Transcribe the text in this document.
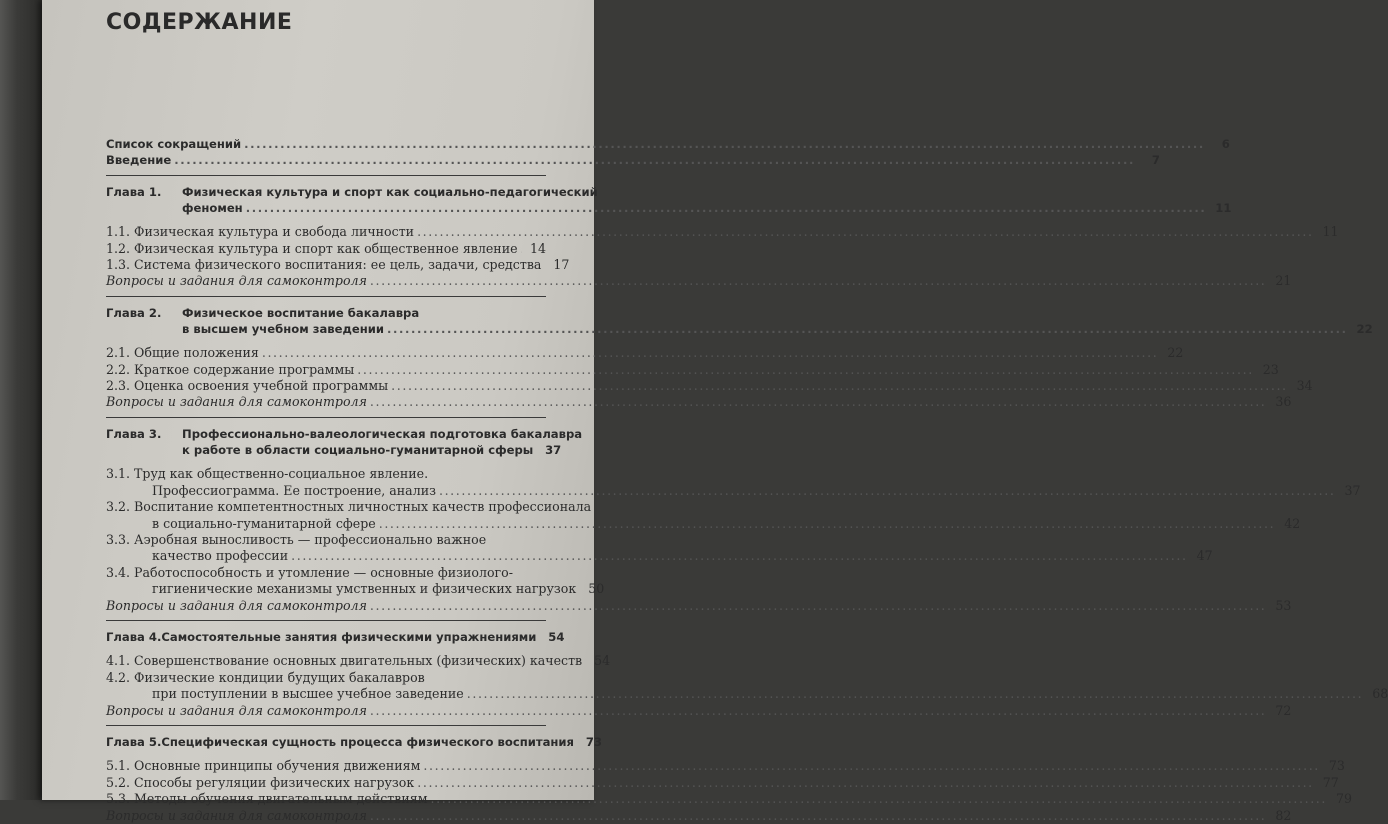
СОДЕРЖАНИЕ
Список сокращений .....	6
Введение .....	7
Глава 1. Физическая культура и спорт как социально-педагогический
феномен .....	11
1.1. Физическая культура и свобода личности .....	11
1.2. Физическая культура и спорт как общественное явление ..... 14
1.3. Система физического воспитания: ее цель, задачи, средства 17
Вопросы и задания для самоконтроля .....	21
Глава 2. Физическое воспитание бакалавра
в высшем учебном заведении .....	22
2.1. Общие положения .....	22
2.2. Краткое содержание программы .....	23
2.3. Оценка освоения учебной программы .....	34
Вопросы и задания для самоконтроля .....	36
Глава 3. Профессионально-валеологическая подготовка бакалавра
к работе в области социально-гуманитарной сферы	37
3.1. Труд как общественно-социальное явление.
Профессиограмма. Ее построение, анализ .....	37
3.2. Воспитание компетентностных личностных качеств профессионала
в социально-гуманитарной сфере .....	42
3.3. Аэробная выносливость — профессионально важное
качество профессии .....	47
3.4. Работоспособность и утомление — основные физиолого-
гигиенические механизмы умственных и физических нагрузок 50
Вопросы и задания для самоконтроля .....	53
Глава 4. Самостоятельные занятия физическими упражнениями	54
4.1. Совершенствование основных двигательных (физических) качеств 54
4.2. Физические кондиции будущих бакалавров
при поступлении в высшее учебное заведение .....	68
Вопросы и задания для самоконтроля .....	72
Глава 5. Специфическая сущность процесса физического воспитания	73
5.1. Основные принципы обучения движениям .....	73
5.2. Способы регуляции физических нагрузок .....	77
5.3. Методы обучения двигательным действиям .....	79
Вопросы и задания для самоконтроля .....	82
